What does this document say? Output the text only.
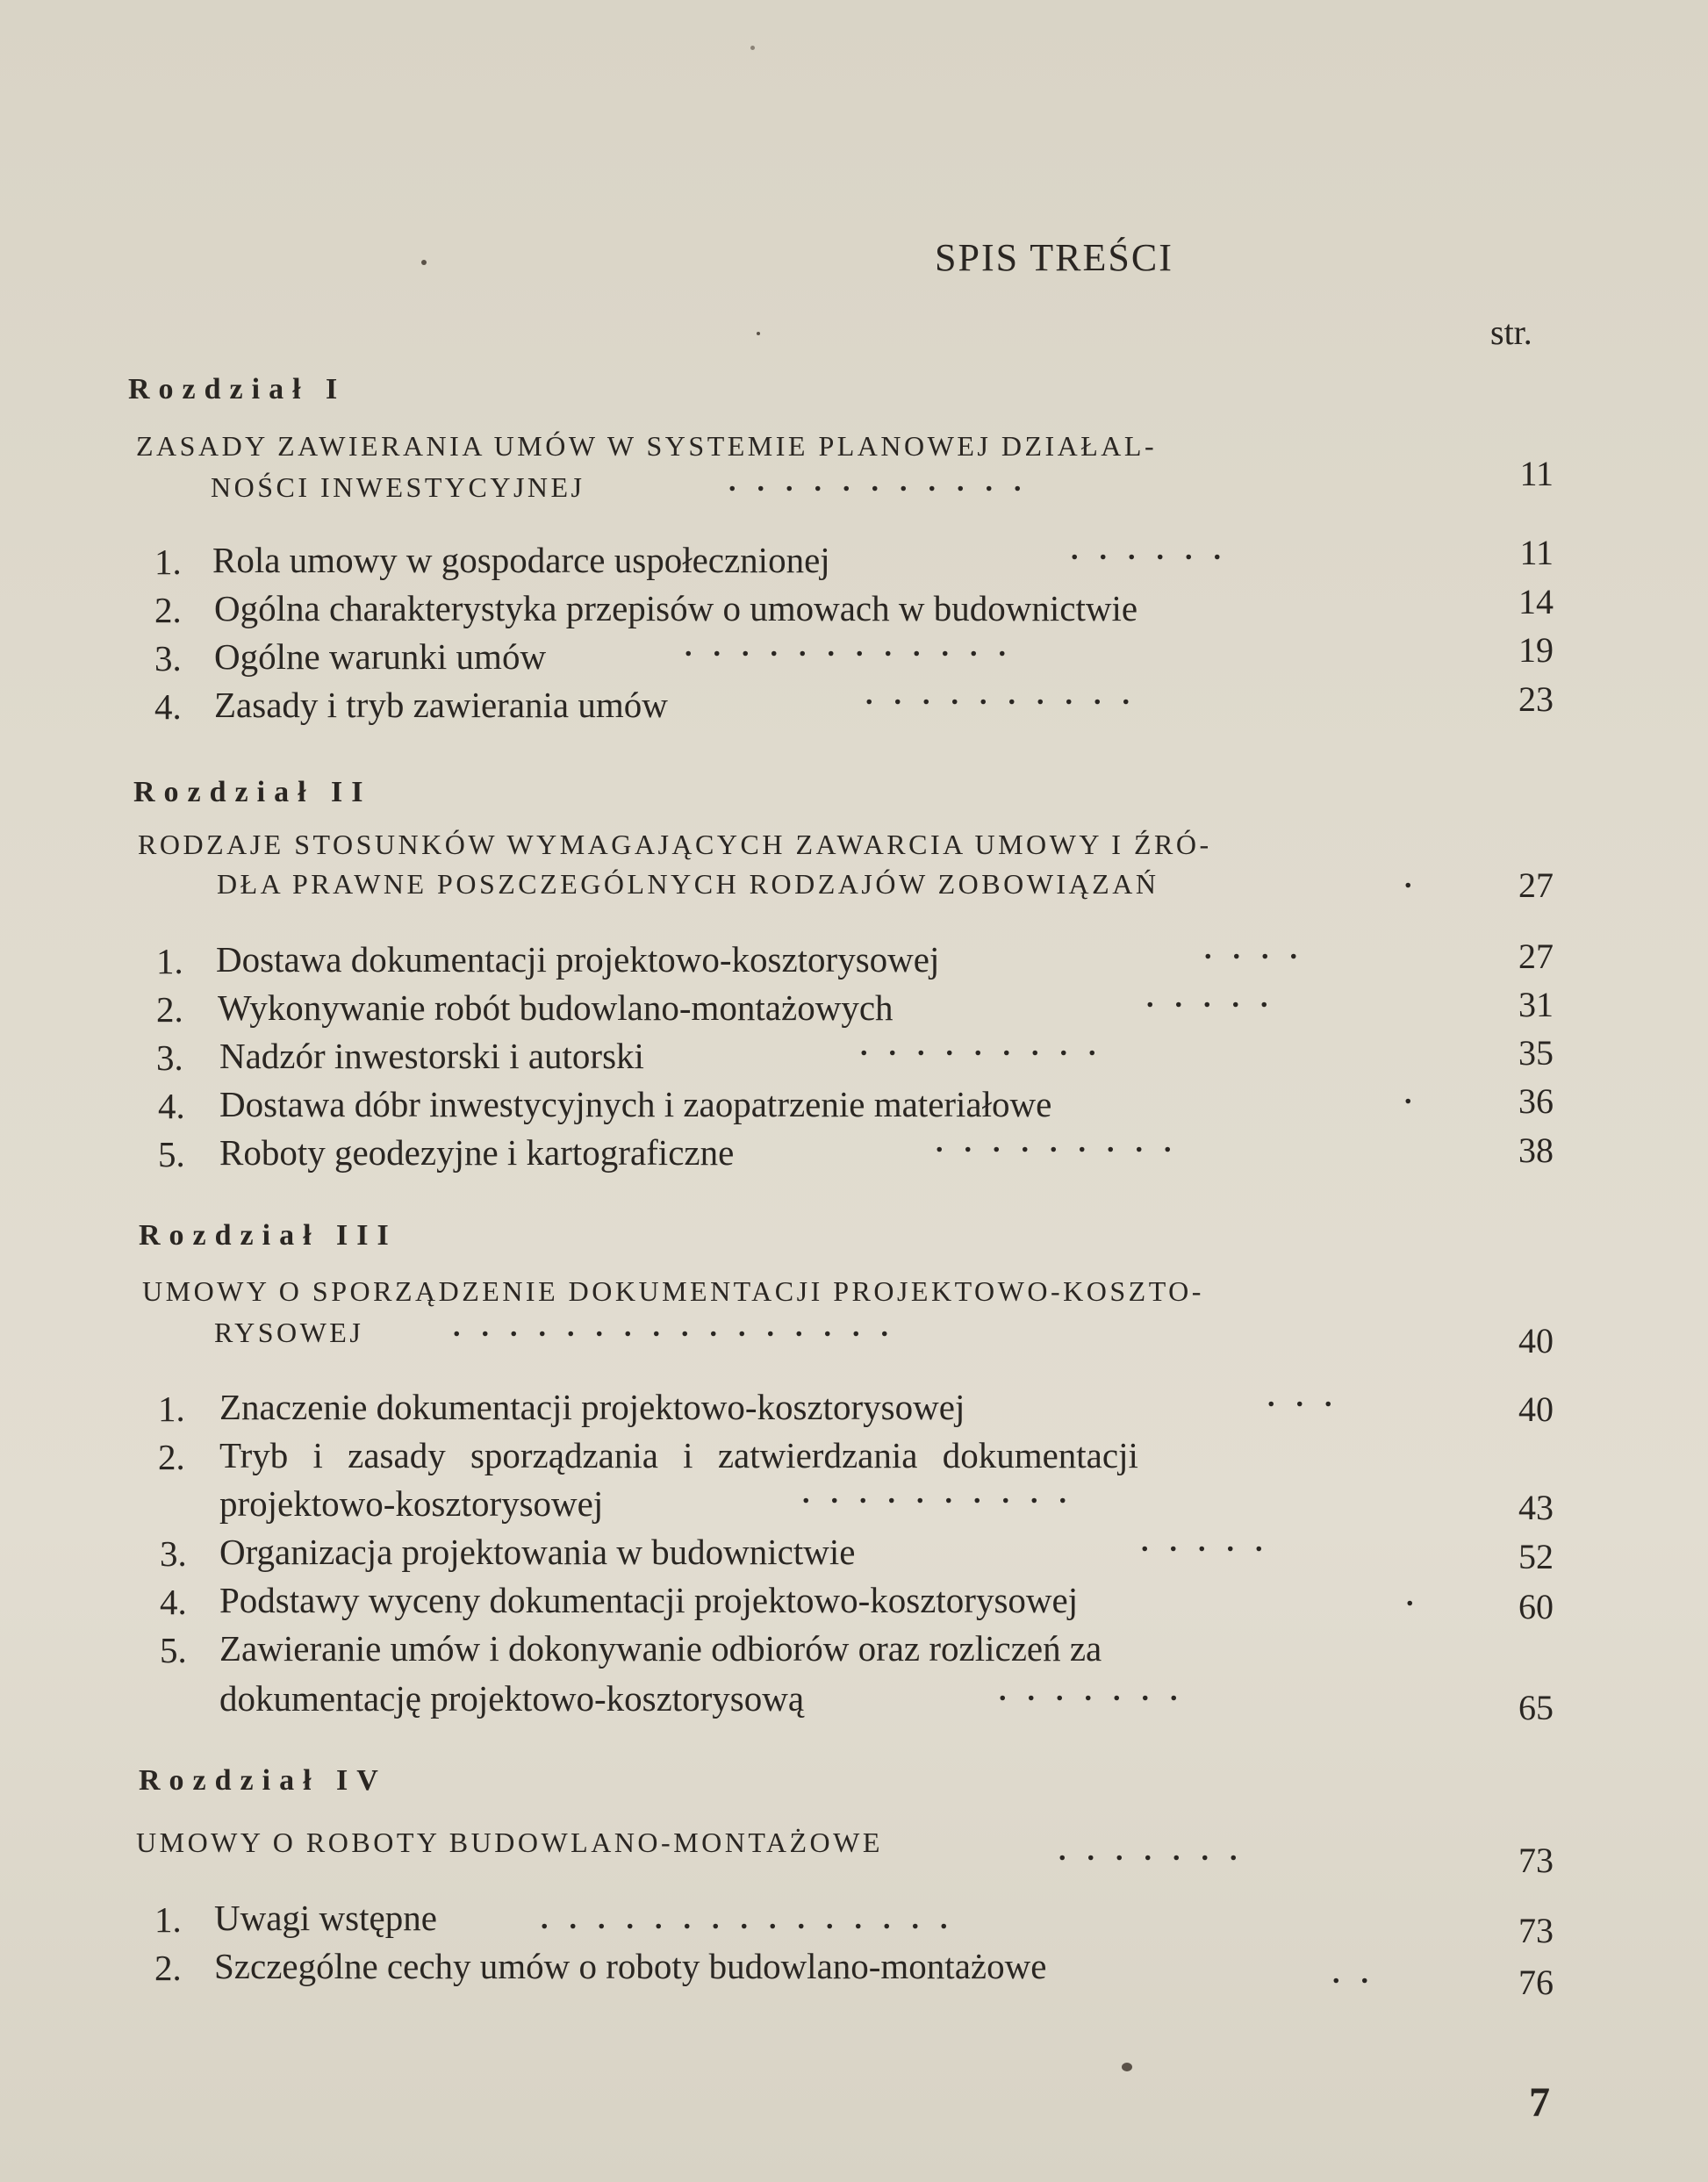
SPIS TREŚCI
str.
Rozdział I
ZASADY ZAWIERANIA UMÓW W SYSTEMIE PLANOWEJ DZIAŁAL-
NOŚCI INWESTYCYJNEJ	...........	11
1. Rola umowy w gospodarce uspołecznionej	......	11
2. Ogólna charakterystyka przepisów o umowach w budownictwie	14
3. Ogólne warunki umów	............	19
4. Zasady i tryb zawierania umów	..........	23
Rozdział II
RODZAJE STOSUNKÓW WYMAGAJĄCYCH ZAWARCIA UMOWY I ŹRÓ-
DŁA PRAWNE POSZCZEGÓLNYCH RODZAJÓW ZOBOWIĄZAŃ	.	27
1. Dostawa dokumentacji projektowo-kosztorysowej	....	27
2. Wykonywanie robót budowlano-montażowych	.....	31
3. Nadzór inwestorski i autorski	.........	35
4. Dostawa dóbr inwestycyjnych i zaopatrzenie materiałowe	.	36
5. Roboty geodezyjne i kartograficzne	.........	38
Rozdział III
UMOWY O SPORZĄDZENIE DOKUMENTACJI PROJEKTOWO-KOSZTO-
RYSOWEJ	................	40
1. Znaczenie dokumentacji projektowo-kosztorysowej	...	40
2. Tryb i zasady sporządzania i zatwierdzania dokumentacji
projektowo-kosztorysowej	..........	43
3. Organizacja projektowania w budownictwie	.....	52
4. Podstawy wyceny dokumentacji projektowo-kosztorysowej	.	60
5. Zawieranie umów i dokonywanie odbiorów oraz rozliczeń za
dokumentację projektowo-kosztorysową	.......	65
Rozdział IV
UMOWY O ROBOTY BUDOWLANO-MONTAŻOWE	.......	73
1. Uwagi wstępne	...............	73
2. Szczególne cechy umów o roboty budowlano-montażowe	..	76
7
